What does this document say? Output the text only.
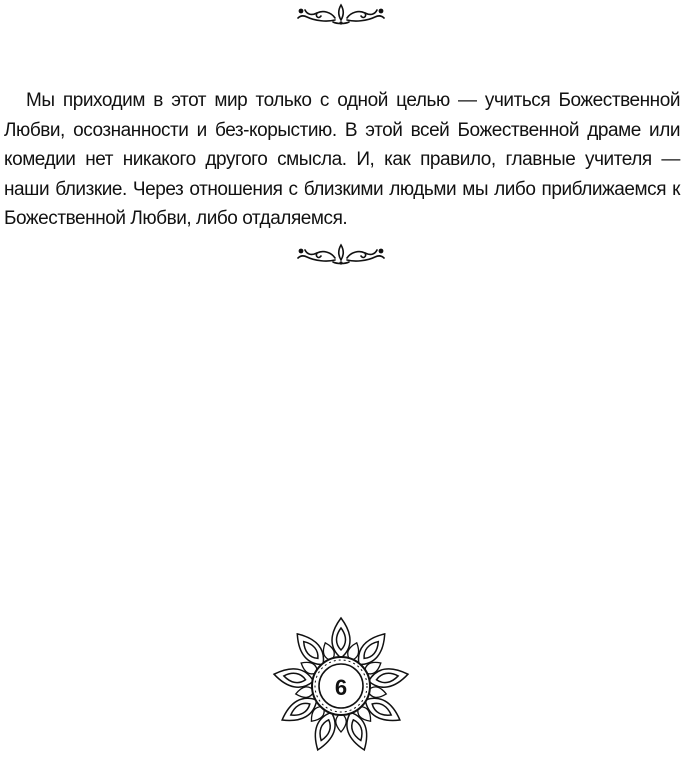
Мы приходим в этот мир только с одной целью — учиться Божественной Любви, осознанности и без-корыстию. В этой всей Божественной драме или комедии нет никакого другого смысла. И, как правило, главные учителя — наши близкие. Через отношения с близкими людьми мы либо приближаемся к Божественной Любви, либо отдаляемся.

6
